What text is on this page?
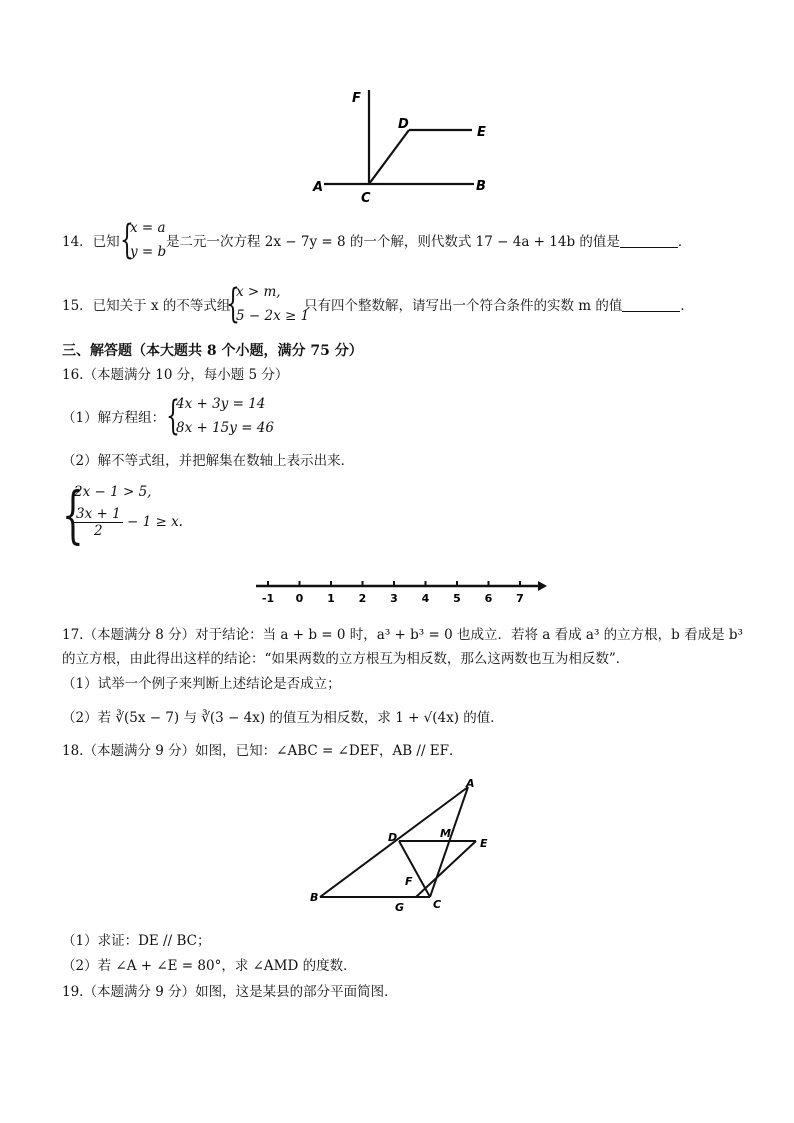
F
D
E
A
C
B
14．已知 {
x = a
y = b
是二元一次方程 2x − 7y = 8 的一个解，则代数式 17 − 4a + 14b 的值是	．
15．已知关于 x 的不等式组
{
x > m,
5 − 2x ≥ 1
只有四个整数解，请写出一个符合条件的实数 m 的值	．
三、解答题（本大题共 8 个小题，满分 75 分）
16.（本题满分 10 分，每小题 5 分）
（1）解方程组： {
4x + 3y = 14
8x + 15y = 46
（2）解不等式组，并把解集在数轴上表示出来．
{
2x − 1 > 5,
$\frac{3x + 1}{2} - 1 \ge x$.
-1 0 1 2 3 4 5 6 7
17.（本题满分 8 分）对于结论：当 a + b = 0 时，a³ + b³ = 0 也成立．若将 a 看成 a³ 的立方根，b 看成是 b³
的立方根，由此得出这样的结论：“如果两数的立方根互为相反数，那么这两数也互为相反数”．
（1）试举一个例子来判断上述结论是否成立；
（2）若 ∛(5x − 7) 与 ∛(3 − 4x) 的值互为相反数，求 1 + √(4x) 的值．
18.（本题满分 9 分）如图，已知：∠ABC = ∠DEF，AB // EF．
A
D	M
E
F
B
G	C
（1）求证：DE // BC；
（2）若 ∠A + ∠E = 80°，求 ∠AMD 的度数．
19.（本题满分 9 分）如图，这是某县的部分平面简图．
